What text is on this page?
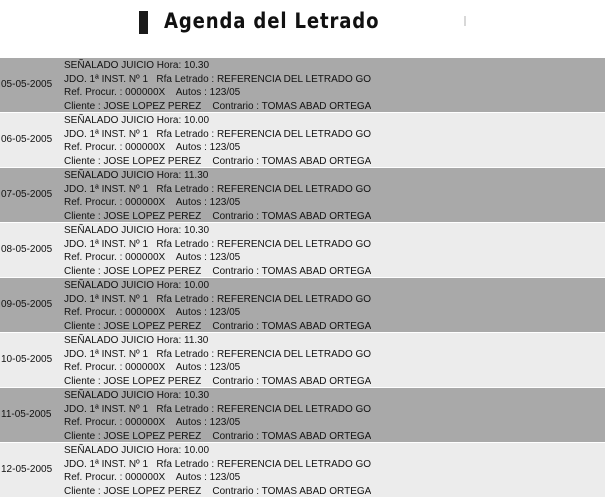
Agenda del Letrado
05-05-2005
SEÑALADO JUICIO Hora: 10.30
JDO. 1ª INST. Nº 1   Rfa Letrado : REFERENCIA DEL LETRADO GO
Ref. Procur. : 000000X    Autos : 123/05
Cliente : JOSE LOPEZ PEREZ    Contrario : TOMAS ABAD ORTEGA
06-05-2005
SEÑALADO JUICIO Hora: 10.00
JDO. 1ª INST. Nº 1   Rfa Letrado : REFERENCIA DEL LETRADO GO
Ref. Procur. : 000000X    Autos : 123/05
Cliente : JOSE LOPEZ PEREZ    Contrario : TOMAS ABAD ORTEGA
07-05-2005
SEÑALADO JUICIO Hora: 11.30
JDO. 1ª INST. Nº 1   Rfa Letrado : REFERENCIA DEL LETRADO GO
Ref. Procur. : 000000X    Autos : 123/05
Cliente : JOSE LOPEZ PEREZ    Contrario : TOMAS ABAD ORTEGA
08-05-2005
SEÑALADO JUICIO Hora: 10.30
JDO. 1ª INST. Nº 1   Rfa Letrado : REFERENCIA DEL LETRADO GO
Ref. Procur. : 000000X    Autos : 123/05
Cliente : JOSE LOPEZ PEREZ    Contrario : TOMAS ABAD ORTEGA
09-05-2005
SEÑALADO JUICIO Hora: 10.00
JDO. 1ª INST. Nº 1   Rfa Letrado : REFERENCIA DEL LETRADO GO
Ref. Procur. : 000000X    Autos : 123/05
Cliente : JOSE LOPEZ PEREZ    Contrario : TOMAS ABAD ORTEGA
10-05-2005
SEÑALADO JUICIO Hora: 11.30
JDO. 1ª INST. Nº 1   Rfa Letrado : REFERENCIA DEL LETRADO GO
Ref. Procur. : 000000X    Autos : 123/05
Cliente : JOSE LOPEZ PEREZ    Contrario : TOMAS ABAD ORTEGA
11-05-2005
SEÑALADO JUICIO Hora: 10.30
JDO. 1ª INST. Nº 1   Rfa Letrado : REFERENCIA DEL LETRADO GO
Ref. Procur. : 000000X    Autos : 123/05
Cliente : JOSE LOPEZ PEREZ    Contrario : TOMAS ABAD ORTEGA
12-05-2005
SEÑALADO JUICIO Hora: 10.00
JDO. 1ª INST. Nº 1   Rfa Letrado : REFERENCIA DEL LETRADO GO
Ref. Procur. : 000000X    Autos : 123/05
Cliente : JOSE LOPEZ PEREZ    Contrario : TOMAS ABAD ORTEGA
